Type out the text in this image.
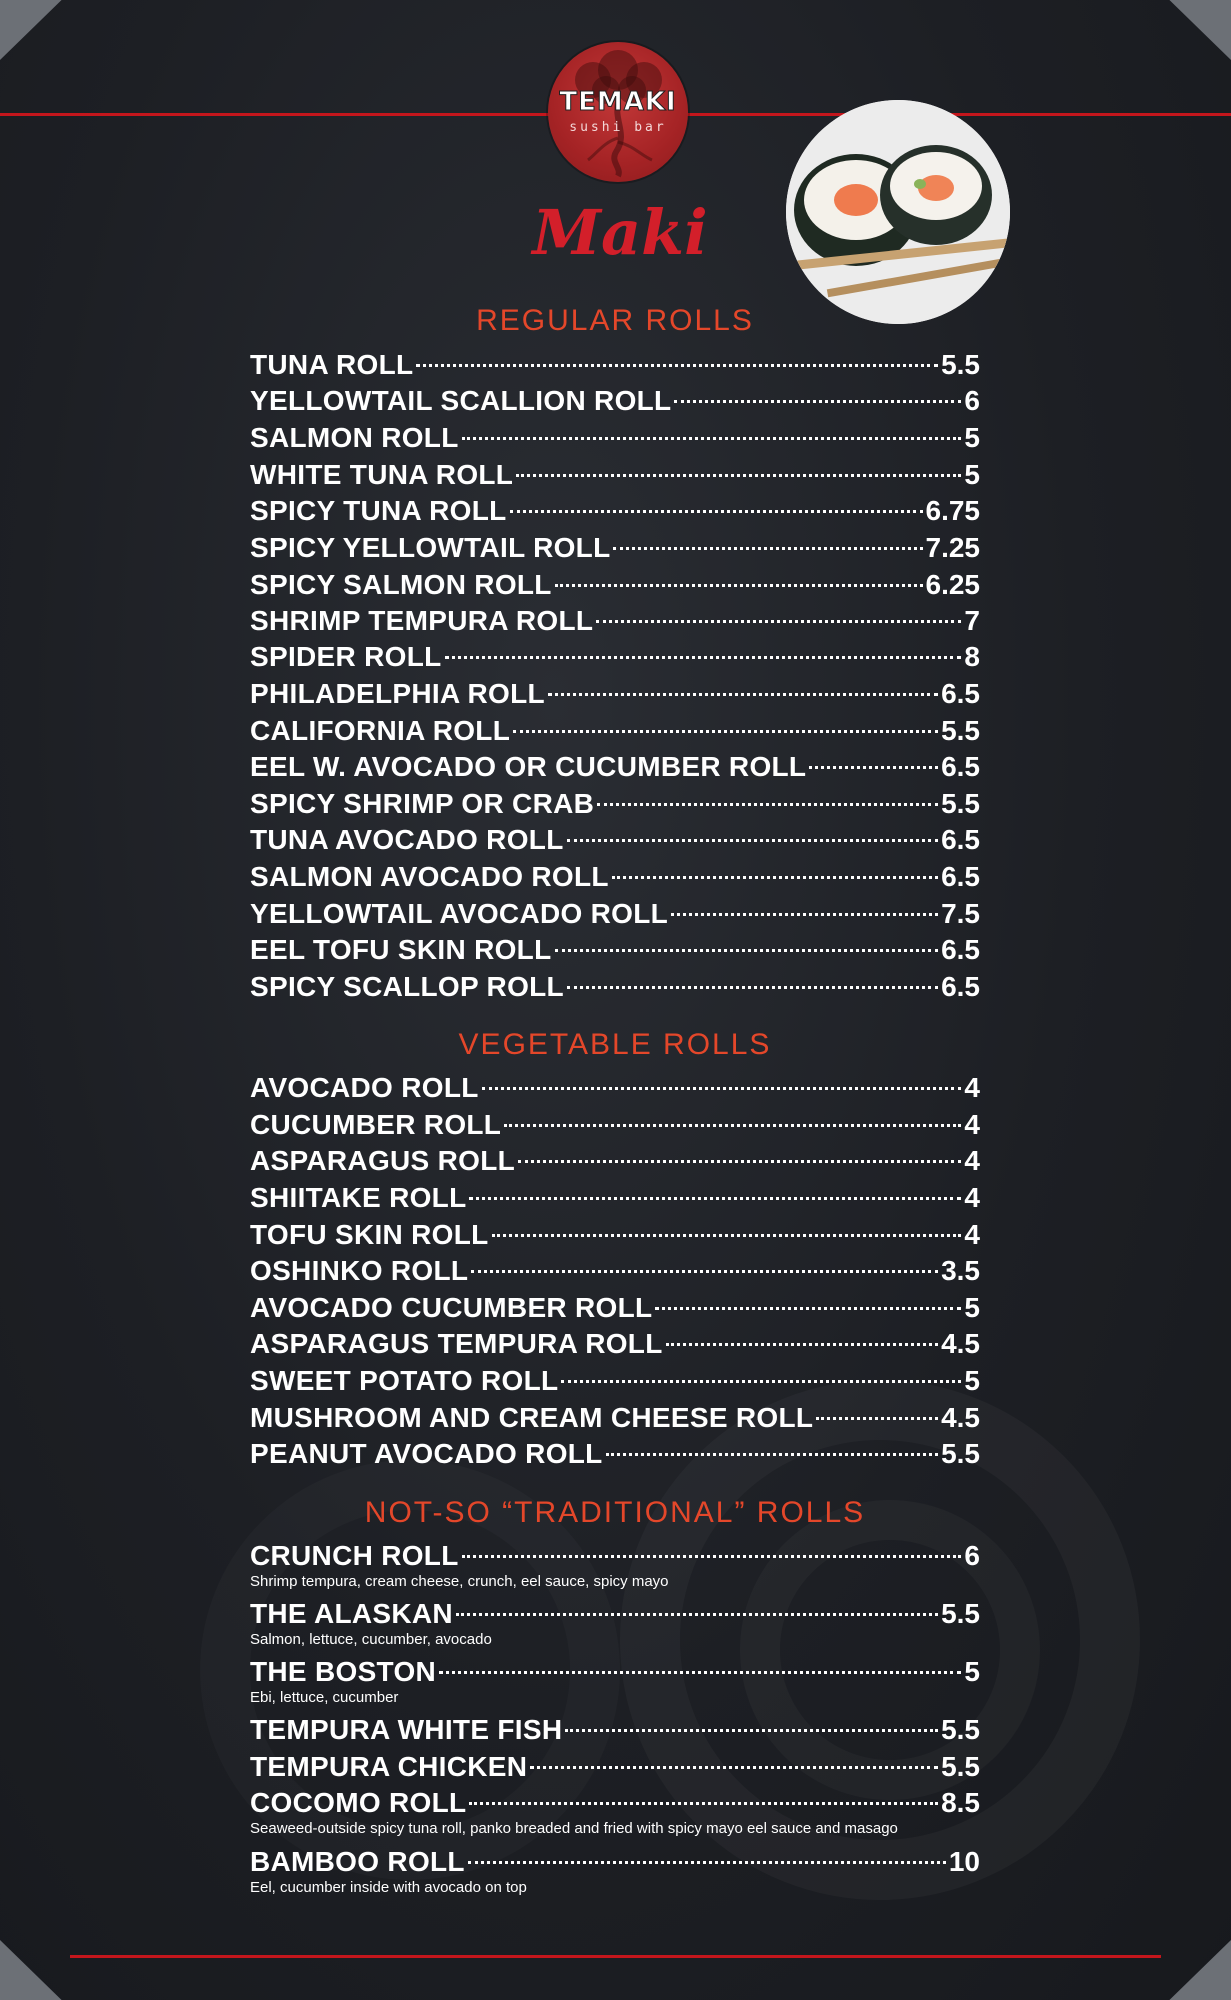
TEMAKI
sushi bar
Maki
REGULAR ROLLS
TUNA ROLL	5.5
YELLOWTAIL SCALLION ROLL	6
SALMON ROLL	5
WHITE TUNA ROLL	5
SPICY TUNA ROLL	6.75
SPICY YELLOWTAIL ROLL	7.25
SPICY SALMON ROLL	6.25
SHRIMP TEMPURA ROLL	7
SPIDER ROLL	8
PHILADELPHIA ROLL	6.5
CALIFORNIA ROLL	5.5
EEL W. AVOCADO OR CUCUMBER ROLL	6.5
SPICY SHRIMP OR CRAB	5.5
TUNA AVOCADO ROLL	6.5
SALMON AVOCADO ROLL	6.5
YELLOWTAIL AVOCADO ROLL	7.5
EEL TOFU SKIN ROLL	6.5
SPICY SCALLOP ROLL	6.5
VEGETABLE ROLLS
AVOCADO ROLL	4
CUCUMBER ROLL	4
ASPARAGUS ROLL	4
SHIITAKE ROLL	4
TOFU SKIN ROLL	4
OSHINKO ROLL	3.5
AVOCADO CUCUMBER ROLL	5
ASPARAGUS TEMPURA ROLL	4.5
SWEET POTATO ROLL	5
MUSHROOM AND CREAM CHEESE ROLL	4.5
PEANUT AVOCADO ROLL	5.5
NOT-SO “TRADITIONAL” ROLLS
CRUNCH ROLL	6
Shrimp tempura, cream cheese, crunch, eel sauce, spicy mayo
THE ALASKAN	5.5
Salmon, lettuce, cucumber, avocado
THE BOSTON	5
Ebi, lettuce, cucumber
TEMPURA WHITE FISH	5.5
TEMPURA CHICKEN	5.5
COCOMO ROLL	8.5
Seaweed-outside spicy tuna roll, panko breaded and fried with spicy mayo eel sauce and masago
BAMBOO ROLL	10
Eel, cucumber inside with avocado on top
